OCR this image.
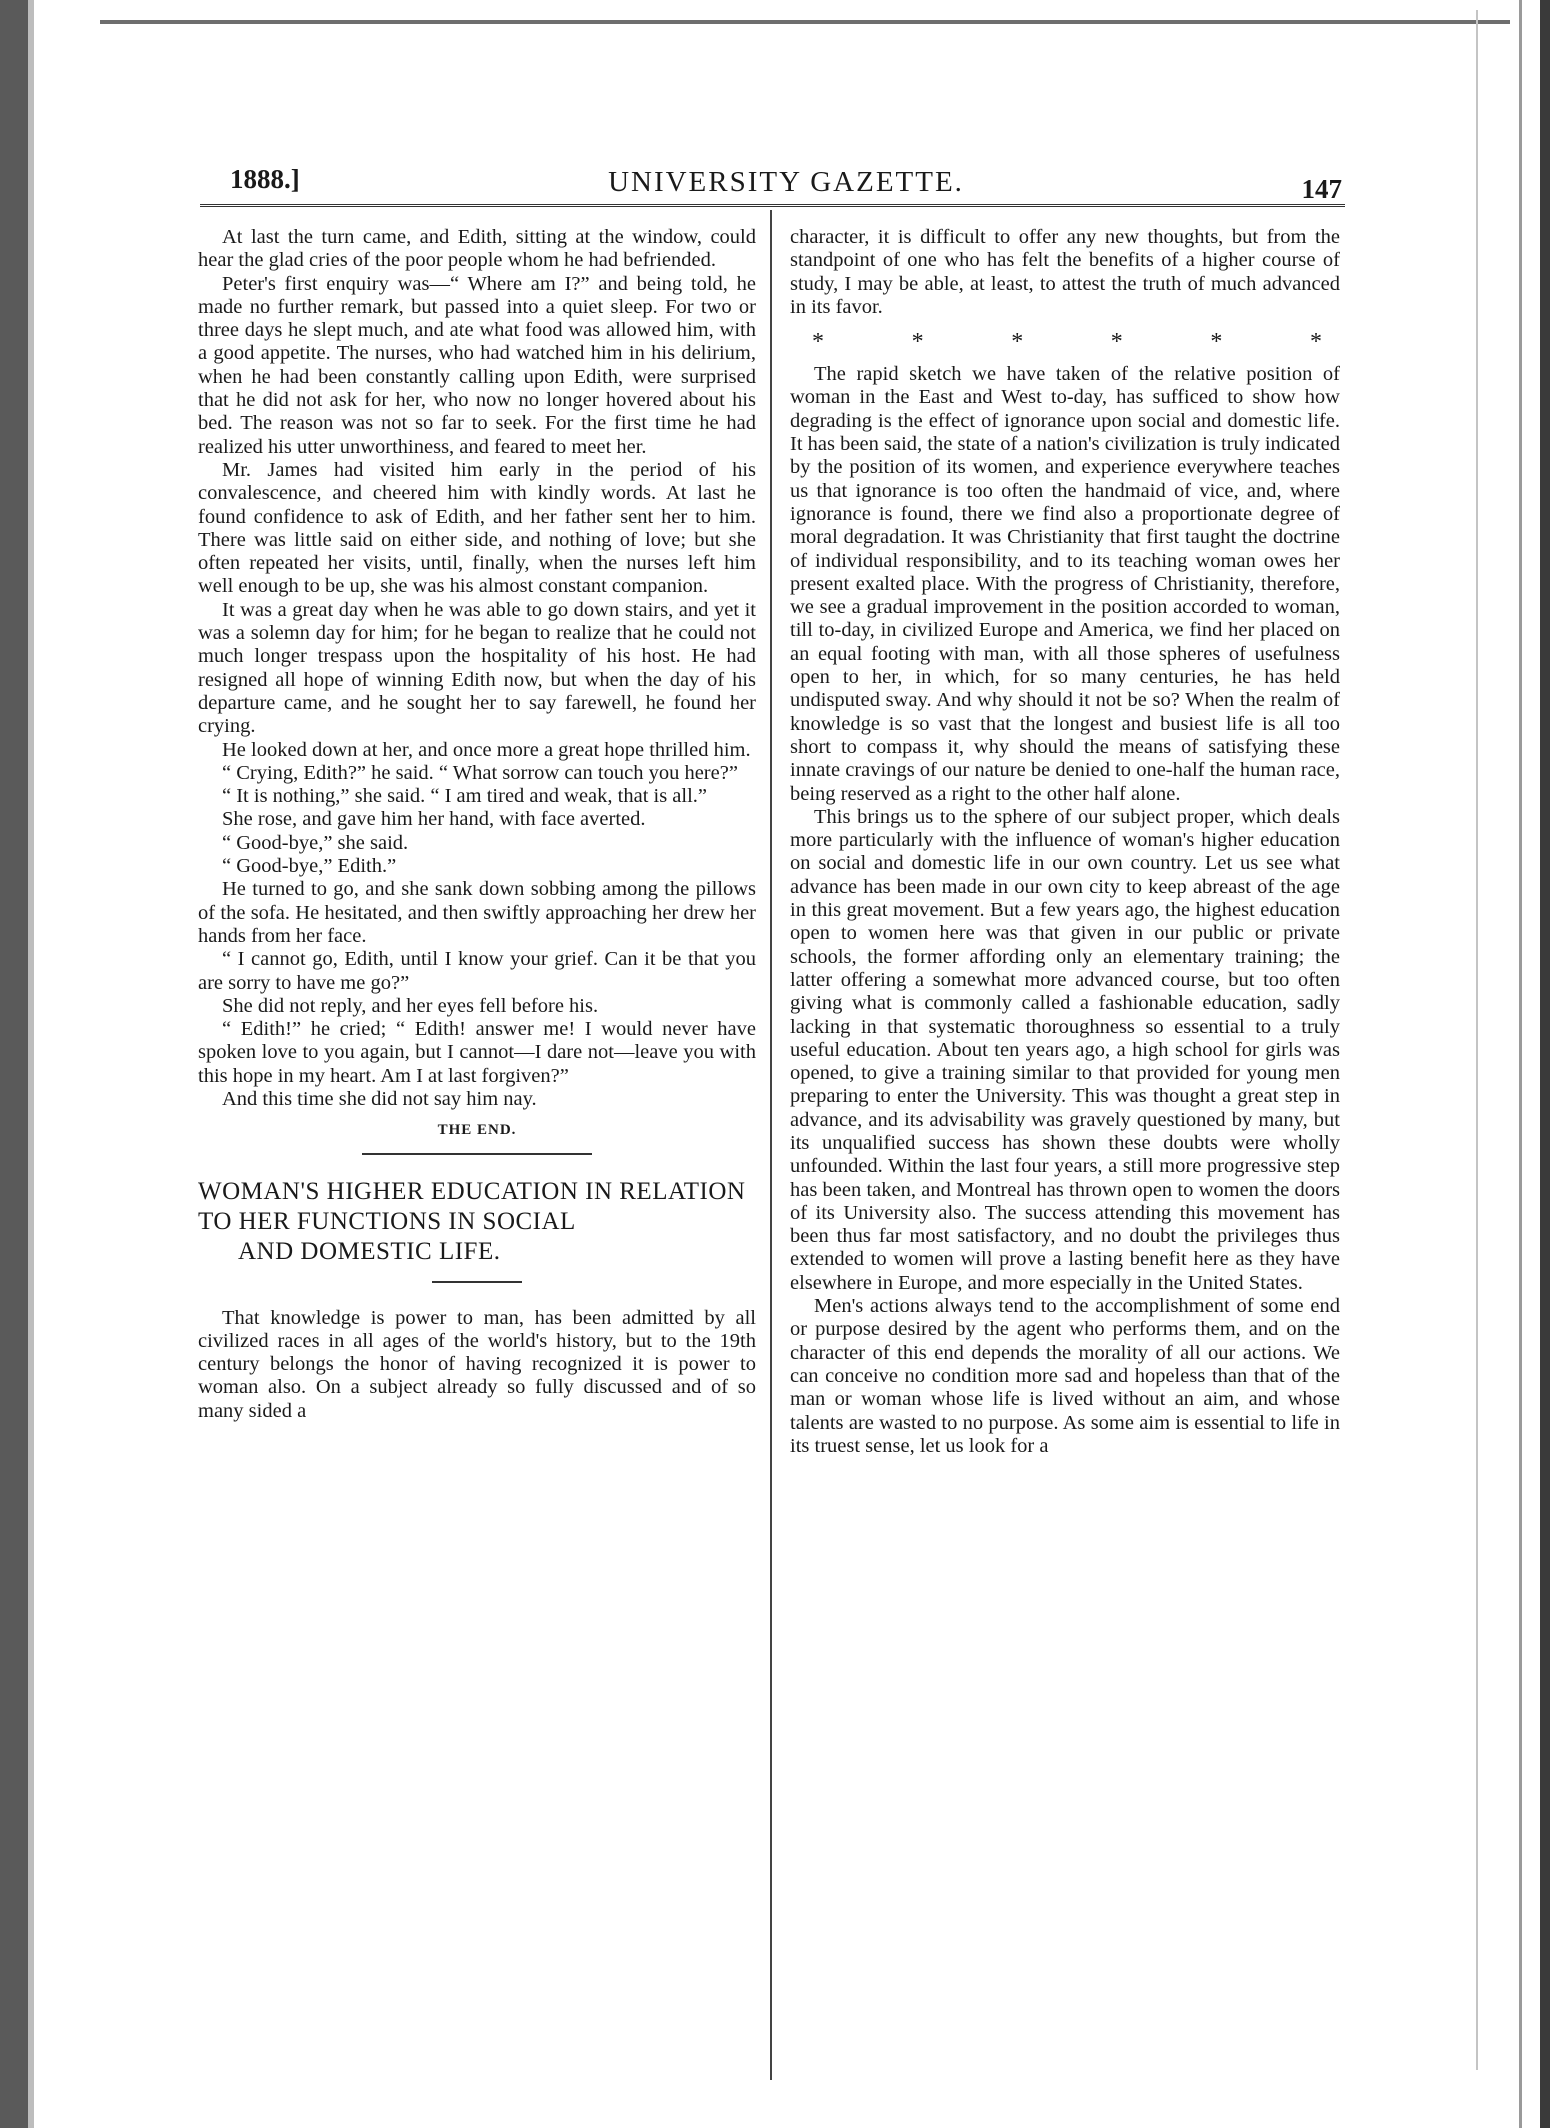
1888.]	UNIVERSITY GAZETTE.	147

At last the turn came, and Edith, sitting at the window, could hear the glad cries of the poor people whom he had befriended.

Peter's first enquiry was—“ Where am I?” and being told, he made no further remark, but passed into a quiet sleep. For two or three days he slept much, and ate what food was allowed him, with a good appetite. The nurses, who had watched him in his delirium, when he had been constantly calling upon Edith, were surprised that he did not ask for her, who now no longer hovered about his bed. The reason was not so far to seek. For the first time he had realized his utter unworthiness, and feared to meet her.

Mr. James had visited him early in the period of his convalescence, and cheered him with kindly words. At last he found confidence to ask of Edith, and her father sent her to him. There was little said on either side, and nothing of love; but she often repeated her visits, until, finally, when the nurses left him well enough to be up, she was his almost constant companion.

It was a great day when he was able to go down stairs, and yet it was a solemn day for him; for he began to realize that he could not much longer trespass upon the hospitality of his host. He had resigned all hope of winning Edith now, but when the day of his departure came, and he sought her to say farewell, he found her crying.

He looked down at her, and once more a great hope thrilled him.

“ Crying, Edith?” he said. “ What sorrow can touch you here?”

“ It is nothing,” she said. “ I am tired and weak, that is all.”

She rose, and gave him her hand, with face averted.

“ Good-bye,” she said.

“ Good-bye,” Edith.”

He turned to go, and she sank down sobbing among the pillows of the sofa. He hesitated, and then swiftly approaching her drew her hands from her face.

“ I cannot go, Edith, until I know your grief. Can it be that you are sorry to have me go?”

She did not reply, and her eyes fell before his.

“ Edith!” he cried; “ Edith! answer me! I would never have spoken love to you again, but I cannot—I dare not—leave you with this hope in my heart. Am I at last forgiven?”

And this time she did not say him nay.

THE END.
WOMAN'S HIGHER EDUCATION IN RELATION TO HER FUNCTIONS IN SOCIAL
AND DOMESTIC LIFE.

That knowledge is power to man, has been admitted by all civilized races in all ages of the world's history, but to the 19th century belongs the honor of having recognized it is power to woman also. On a subject already so fully discussed and of so many sided a

character, it is difficult to offer any new thoughts, but from the standpoint of one who has felt the benefits of a higher course of study, I may be able, at least, to attest the truth of much advanced in its favor.

*	*	*	*	*	*

The rapid sketch we have taken of the relative position of woman in the East and West to-day, has sufficed to show how degrading is the effect of ignorance upon social and domestic life. It has been said, the state of a nation's civilization is truly indicated by the position of its women, and experience everywhere teaches us that ignorance is too often the handmaid of vice, and, where ignorance is found, there we find also a proportionate degree of moral degradation. It was Christianity that first taught the doctrine of individual responsibility, and to its teaching woman owes her present exalted place. With the progress of Christianity, therefore, we see a gradual improvement in the position accorded to woman, till to-day, in civilized Europe and America, we find her placed on an equal footing with man, with all those spheres of usefulness open to her, in which, for so many centuries, he has held undisputed sway. And why should it not be so? When the realm of knowledge is so vast that the longest and busiest life is all too short to compass it, why should the means of satisfying these innate cravings of our nature be denied to one-half the human race, being reserved as a right to the other half alone.

This brings us to the sphere of our subject proper, which deals more particularly with the influence of woman's higher education on social and domestic life in our own country. Let us see what advance has been made in our own city to keep abreast of the age in this great movement. But a few years ago, the highest education open to women here was that given in our public or private schools, the former affording only an elementary training; the latter offering a somewhat more advanced course, but too often giving what is commonly called a fashionable education, sadly lacking in that systematic thoroughness so essential to a truly useful education. About ten years ago, a high school for girls was opened, to give a training similar to that provided for young men preparing to enter the University. This was thought a great step in advance, and its advisability was gravely questioned by many, but its unqualified success has shown these doubts were wholly unfounded. Within the last four years, a still more progressive step has been taken, and Montreal has thrown open to women the doors of its University also. The success attending this movement has been thus far most satisfactory, and no doubt the privileges thus extended to women will prove a lasting benefit here as they have elsewhere in Europe, and more especially in the United States.

Men's actions always tend to the accomplishment of some end or purpose desired by the agent who performs them, and on the character of this end depends the morality of all our actions. We can conceive no condition more sad and hopeless than that of the man or woman whose life is lived without an aim, and whose talents are wasted to no purpose. As some aim is essential to life in its truest sense, let us look for a
